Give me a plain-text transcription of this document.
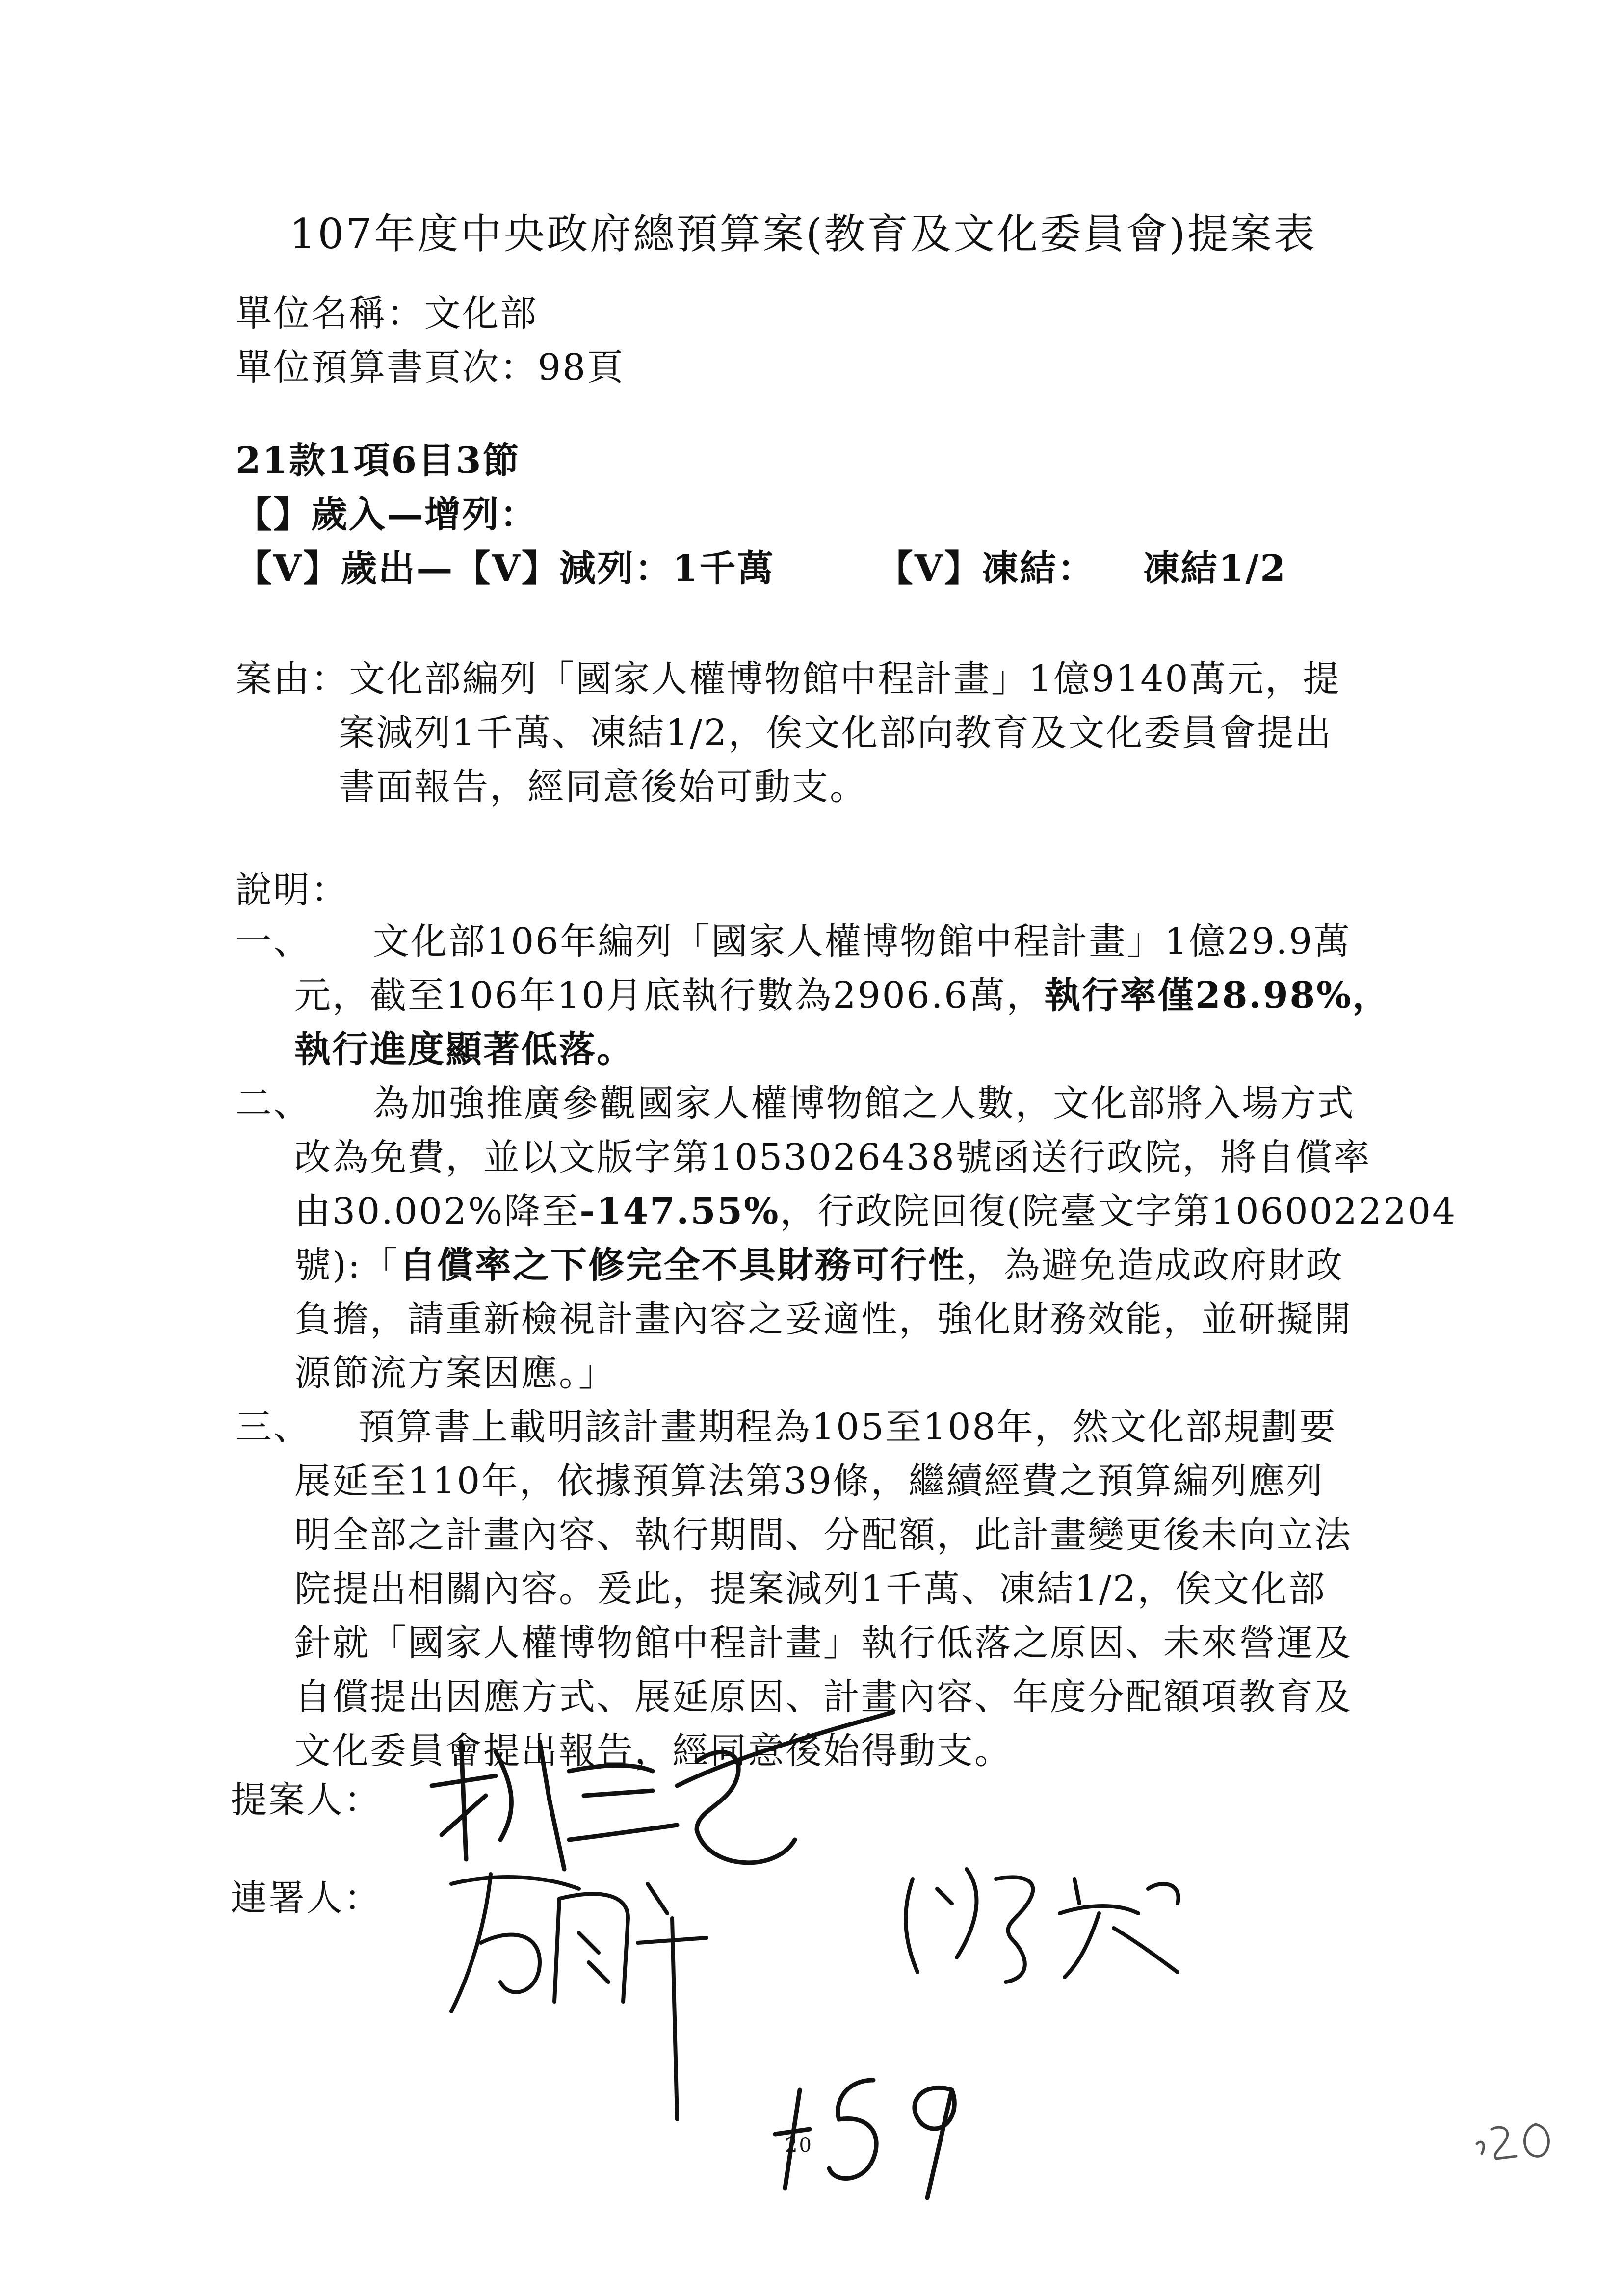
107年度中央政府總預算案(教育及文化委員會)提案表
單位名稱：文化部
單位預算書頁次：98頁
21款1項6目3節
【】歲入—增列：
【V】歲出—【V】減列：1千萬	【V】凍結： 凍結1/2
案由：文化部編列「國家人權博物館中程計畫」1億9140萬元，提
案減列1千萬、凍結1/2，俟文化部向教育及文化委員會提出
書面報告，經同意後始可動支。
說明：
一、 文化部106年編列「國家人權博物館中程計畫」1億29.9萬
元，截至106年10月底執行數為2906.6萬，執行率僅28.98%，
執行進度顯著低落。
二、 為加強推廣參觀國家人權博物館之人數，文化部將入場方式
改為免費，並以文版字第1053026438號函送行政院，將自償率
由30.002%降至-147.55%，行政院回復(院臺文字第1060022204
號):「自償率之下修完全不具財務可行性，為避免造成政府財政
負擔，請重新檢視計畫內容之妥適性，強化財務效能，並研擬開
源節流方案因應。」
三、 預算書上載明該計畫期程為105至108年，然文化部規劃要
展延至110年，依據預算法第39條，繼續經費之預算編列應列
明全部之計畫內容、執行期間、分配額，此計畫變更後未向立法
院提出相關內容。爰此，提案減列1千萬、凍結1/2，俟文化部
針就「國家人權博物館中程計畫」執行低落之原因、未來營運及
自償提出因應方式、展延原因、計畫內容、年度分配額項教育及
文化委員會提出報告，經同意後始得動支。
提案人：
連署人：
20
